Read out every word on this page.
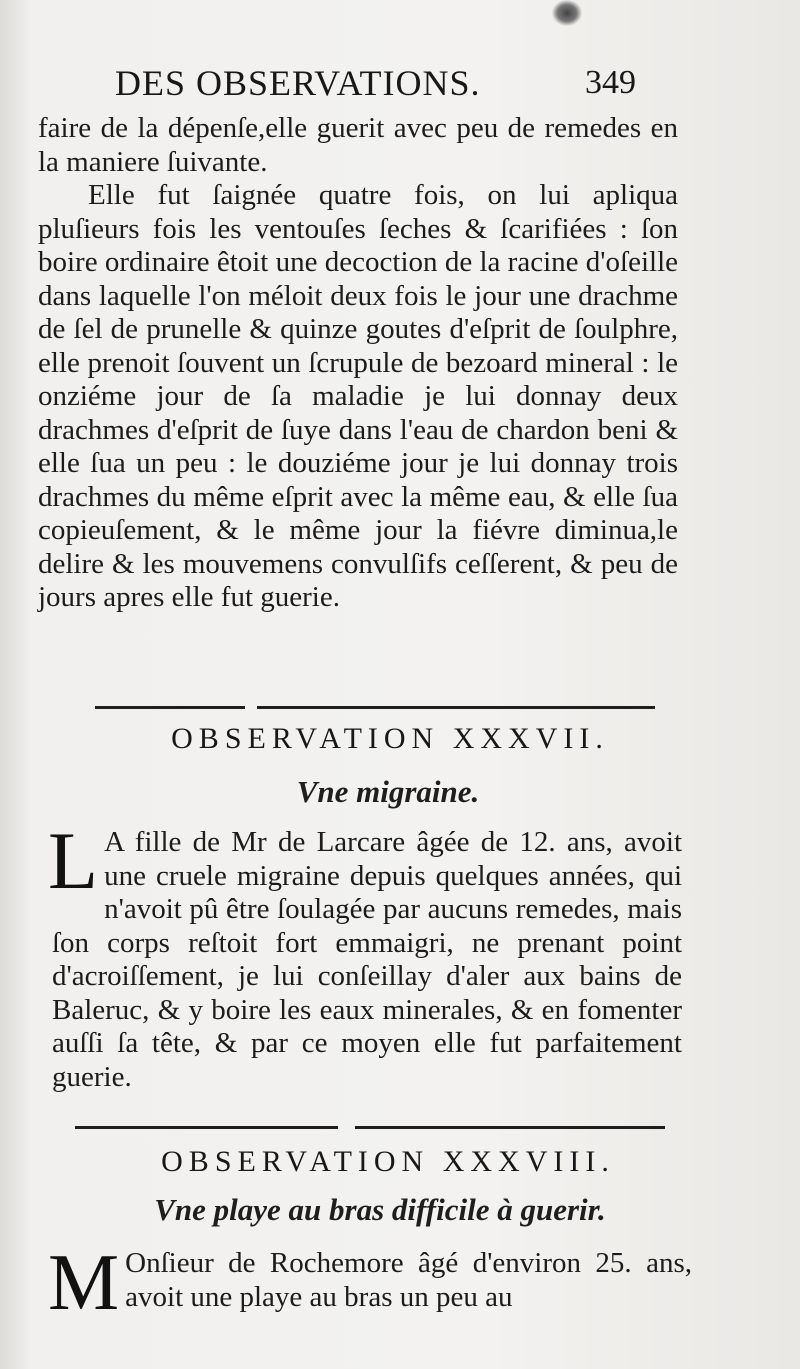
DES OBSERVATIONS.	349

faire de la dépenſe,elle guerit avec peu de remedes en la maniere ſuivante.

Elle fut ſaignée quatre fois, on lui apliqua pluſieurs fois les ventouſes ſeches & ſcarifiées : ſon boire ordinaire êtoit une decoction de la racine d'oſeille dans laquelle l'on méloit deux fois le jour une drachme de ſel de prunelle & quinze goutes d'eſprit de ſoulphre, elle prenoit ſouvent un ſcrupule de bezoard mineral : le onziéme jour de ſa maladie je lui donnay deux drachmes d'eſprit de ſuye dans l'eau de chardon beni & elle ſua un peu : le douziéme jour je lui donnay trois drachmes du même eſprit avec la même eau, & elle ſua copieuſement, & le même jour la fiévre diminua,le delire & les mouvemens convulſifs ceſſerent, & peu de jours apres elle fut guerie.

OBSERVATION XXXVII.
Vne migraine.
L A fille de Mr de Larcare âgée de 12. ans, avoit une cruele migraine depuis quelques années, qui n'avoit pû être ſoulagée par aucuns remedes, mais ſon corps reſtoit fort emmaigri, ne prenant point d'acroiſſement, je lui conſeillay d'aler aux bains de Baleruc, & y boire les eaux minerales, & en fomenter auſſi ſa tête, & par ce moyen elle fut parfaitement guerie.
OBSERVATION XXXVIII.
Vne playe au bras difficile à guerir.
M Onſieur de Rochemore âgé d'environ 25. ans, avoit une playe au bras un peu au
